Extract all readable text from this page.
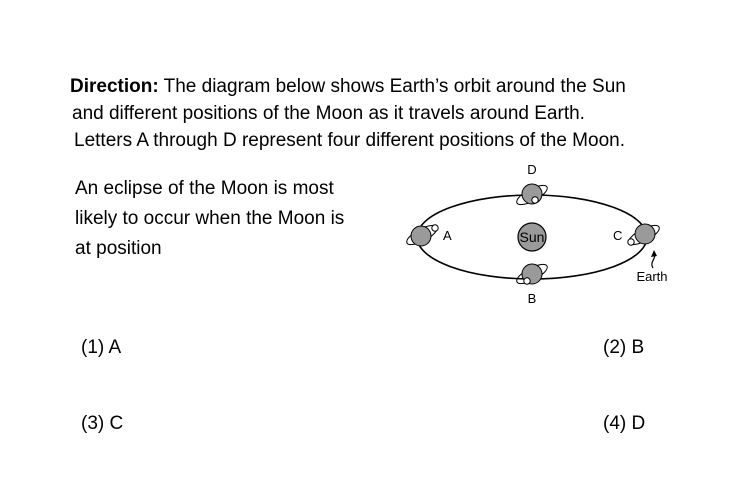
Direction: The diagram below shows Earth’s orbit around the Sun
and different positions of the Moon as it travels around Earth.
Letters A through D represent four different positions of the Moon.
An eclipse of the Moon is most
likely to occur when the Moon is
at position
Sun
A
B
C
D
Earth
(1) A	(2) B
(3) C	(4) D
